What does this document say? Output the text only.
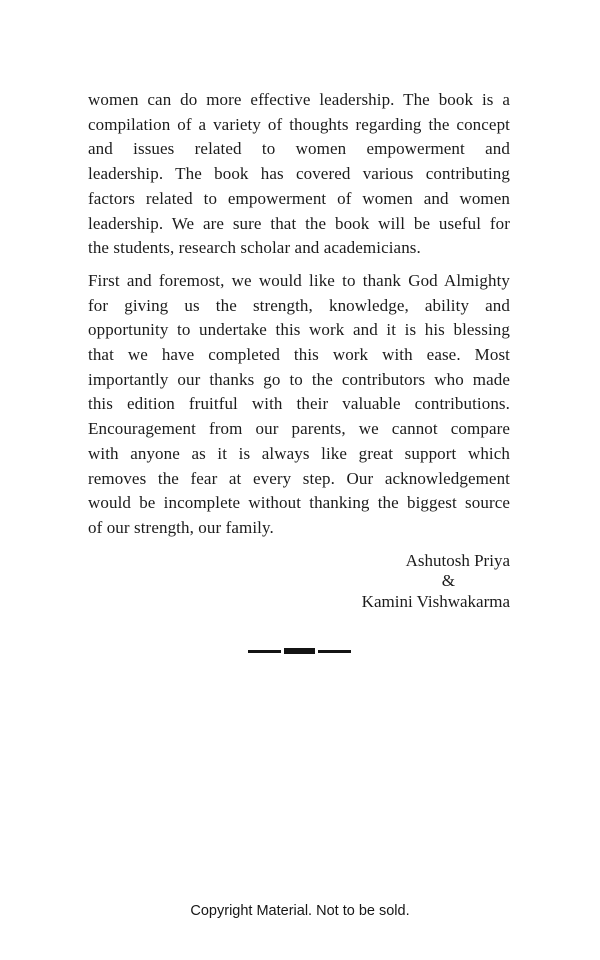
women can do more effective leadership. The book is a
compilation of a variety of thoughts regarding the concept
and issues related to women empowerment and
leadership. The book has covered various contributing
factors related to empowerment of women and women
leadership. We are sure that the book will be useful for
the students, research scholar and academicians.
First and foremost, we would like to thank God Almighty
for giving us the strength, knowledge, ability and
opportunity to undertake this work and it is his blessing
that we have completed this work with ease. Most
importantly our thanks go to the contributors who made
this edition fruitful with their valuable contributions.
Encouragement from our parents, we cannot compare
with anyone as it is always like great support which
removes the fear at every step. Our acknowledgement
would be incomplete without thanking the biggest source
of our strength, our family.
Ashutosh Priya
&
Kamini Vishwakarma
Copyright Material. Not to be sold.
